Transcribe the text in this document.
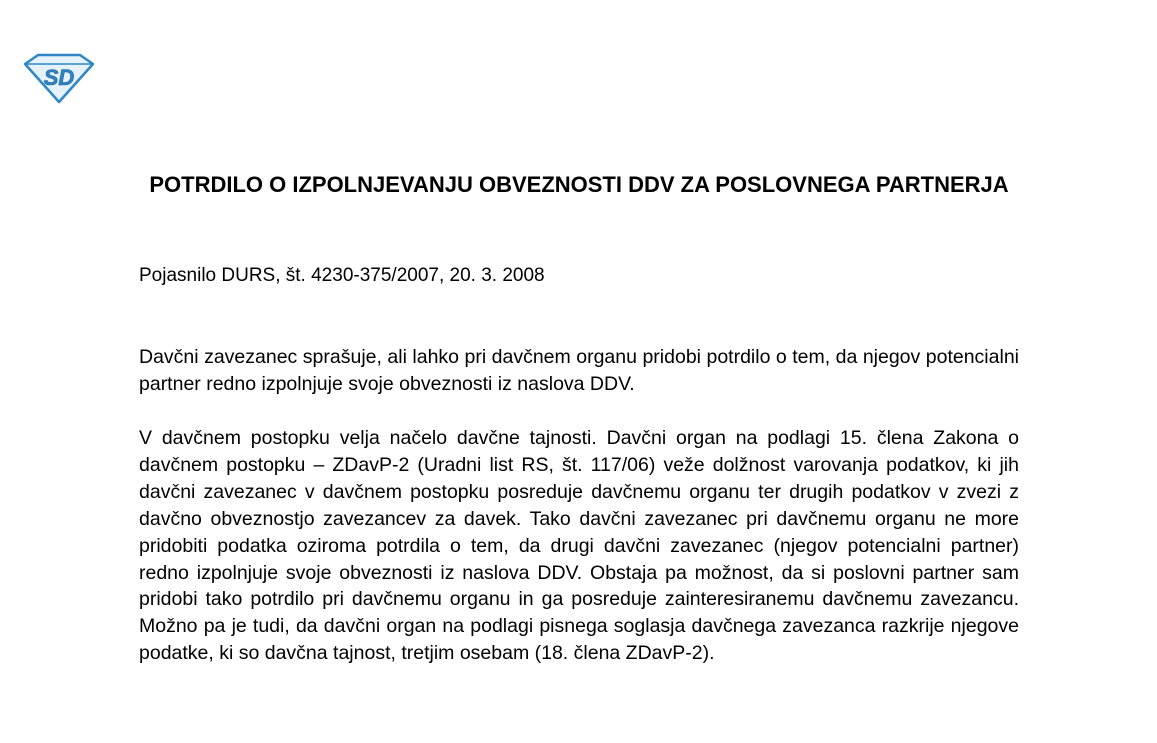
SD
POTRDILO O IZPOLNJEVANJU OBVEZNOSTI DDV ZA POSLOVNEGA PARTNERJA

Pojasnilo DURS, št. 4230-375/2007, 20. 3. 2008

Davčni zavezanec sprašuje, ali lahko pri davčnem organu pridobi potrdilo o tem, da njegov potencialni partner redno izpolnjuje svoje obveznosti iz naslova DDV.

V davčnem postopku velja načelo davčne tajnosti. Davčni organ na podlagi 15. člena Zakona o davčnem postopku – ZDavP-2 (Uradni list RS, št. 117/06) veže dolžnost varovanja podatkov, ki jih davčni zavezanec v davčnem postopku posreduje davčnemu organu ter drugih podatkov v zvezi z davčno obveznostjo zavezancev za davek. Tako davčni zavezanec pri davčnemu organu ne more pridobiti podatka oziroma potrdila o tem, da drugi davčni zavezanec (njegov potencialni partner) redno izpolnjuje svoje obveznosti iz naslova DDV. Obstaja pa možnost, da si poslovni partner sam pridobi tako potrdilo pri davčnemu organu in ga posreduje zainteresiranemu davčnemu zavezancu. Možno pa je tudi, da davčni organ na podlagi pisnega soglasja davčnega zavezanca razkrije njegove podatke, ki so davčna tajnost, tretjim osebam (18. člena ZDavP-2).
